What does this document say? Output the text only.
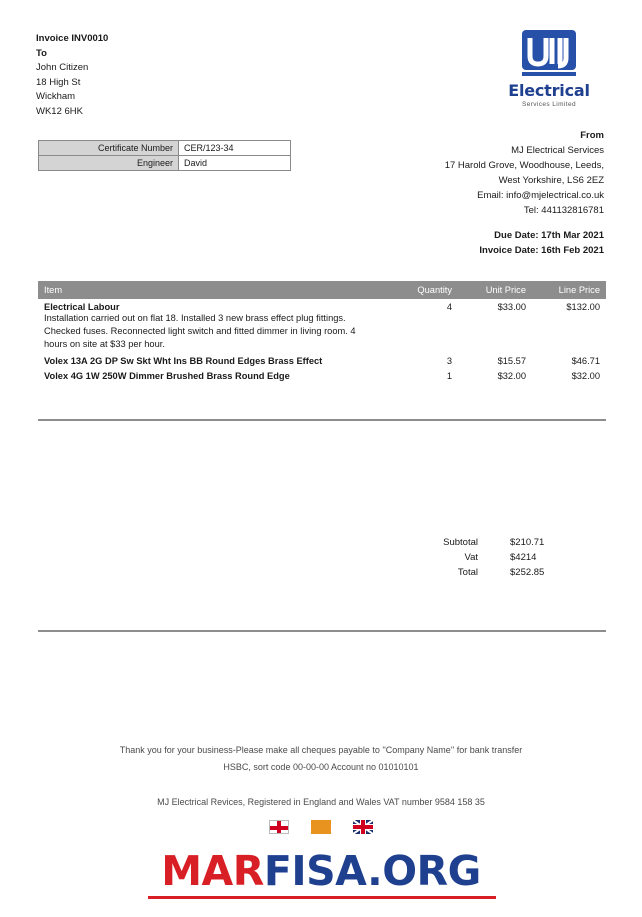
Invoice INV0010
To
John Citizen
18 High St
Wickham
WK12 6HK
Electrical
Services Limited
From
MJ Electrical Services
17 Harold Grove, Woodhouse, Leeds,
West Yorkshire, LS6 2EZ
Email: info@mjelectrical.co.uk
Tel: 441132816781
Due Date: 17th Mar 2021
Invoice Date: 16th Feb 2021
Certificate Number	CER/123-34
Engineer	David
Item	Quantity	Unit Price	Line Price

Electrical Labour
Installation carried out on flat 18. Installed 3 new brass effect plug fittings. Checked fuses. Reconnected light switch and fitted dimmer in living room. 4 hours on site at $33 per hour.	4	$33.00	$132.00

Volex 13A 2G DP Sw Skt Wht Ins BB Round Edges Brass Effect	3	$15.57	$46.71

Volex 4G 1W 250W Dimmer Brushed Brass Round Edge	1	$32.00	$32.00
Subtotal	$210.71
Vat	$4214
Total	$252.85
Thank you for your business-Please make all cheques payable to ''Company Name'' for bank transfer
HSBC, sort code 00-00-00 Account no 01010101
MJ Electrical Revices, Registered in England and Wales VAT number 9584 158 35
MARFISA.ORG
